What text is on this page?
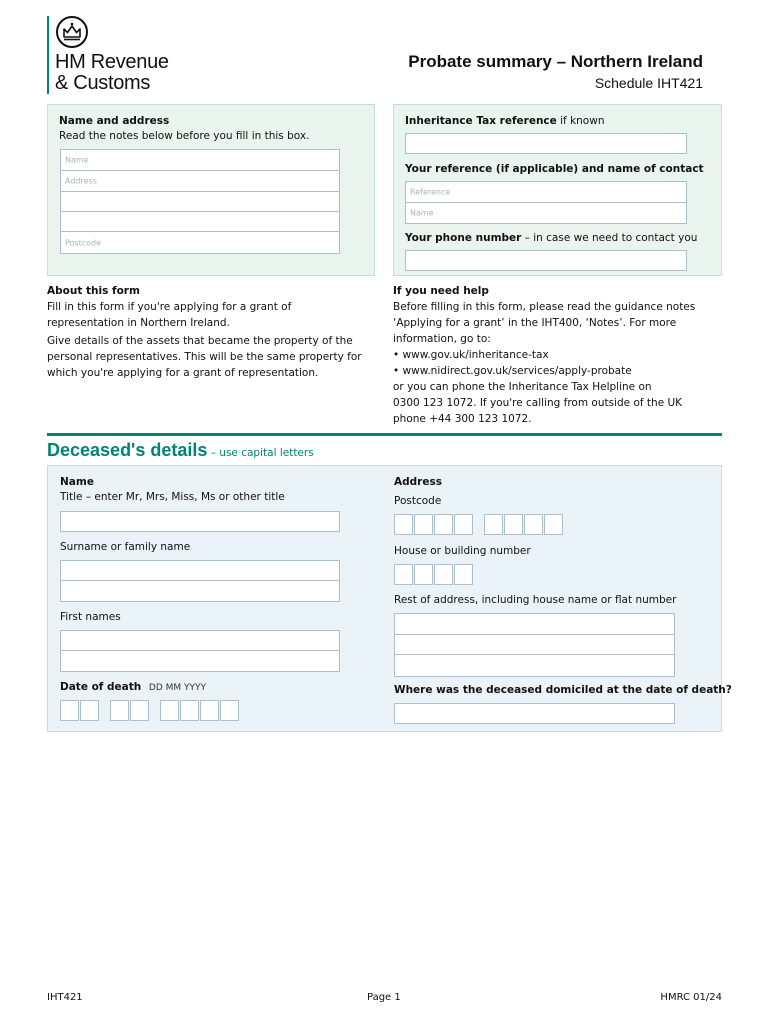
HM Revenue
& Customs
Probate summary – Northern Ireland
Schedule IHT421
Name and address
Read the notes below before you fill in this box.
Name
Address
Postcode
Inheritance Tax reference if known
Your reference (if applicable) and name of contact
Reference
Name
Your phone number – in case we need to contact you
About this form

Fill in this form if you're applying for a grant of

representation in Northern Ireland.

Give details of the assets that became the property of the

personal representatives. This will be the same property for

which you're applying for a grant of representation.

If you need help

Before filling in this form, please read the guidance notes

‘Applying for a grant’ in the IHT400, ‘Notes’. For more

information, go to:

• www.gov.uk/inheritance-tax

• www.nidirect.gov.uk/services/apply-probate

or you can phone the Inheritance Tax Helpline on

0300 123 1072. If you're calling from outside of the UK

phone +44 300 123 1072.

Deceased's details – use capital letters
Name
Title – enter Mr, Mrs, Miss, Ms or other title
Surname or family name
First names
Date of death DD MM YYYY
Address
Postcode
House or building number
Rest of address, including house name or flat number
Where was the deceased domiciled at the date of death?
IHT421	Page 1	HMRC 01/24
